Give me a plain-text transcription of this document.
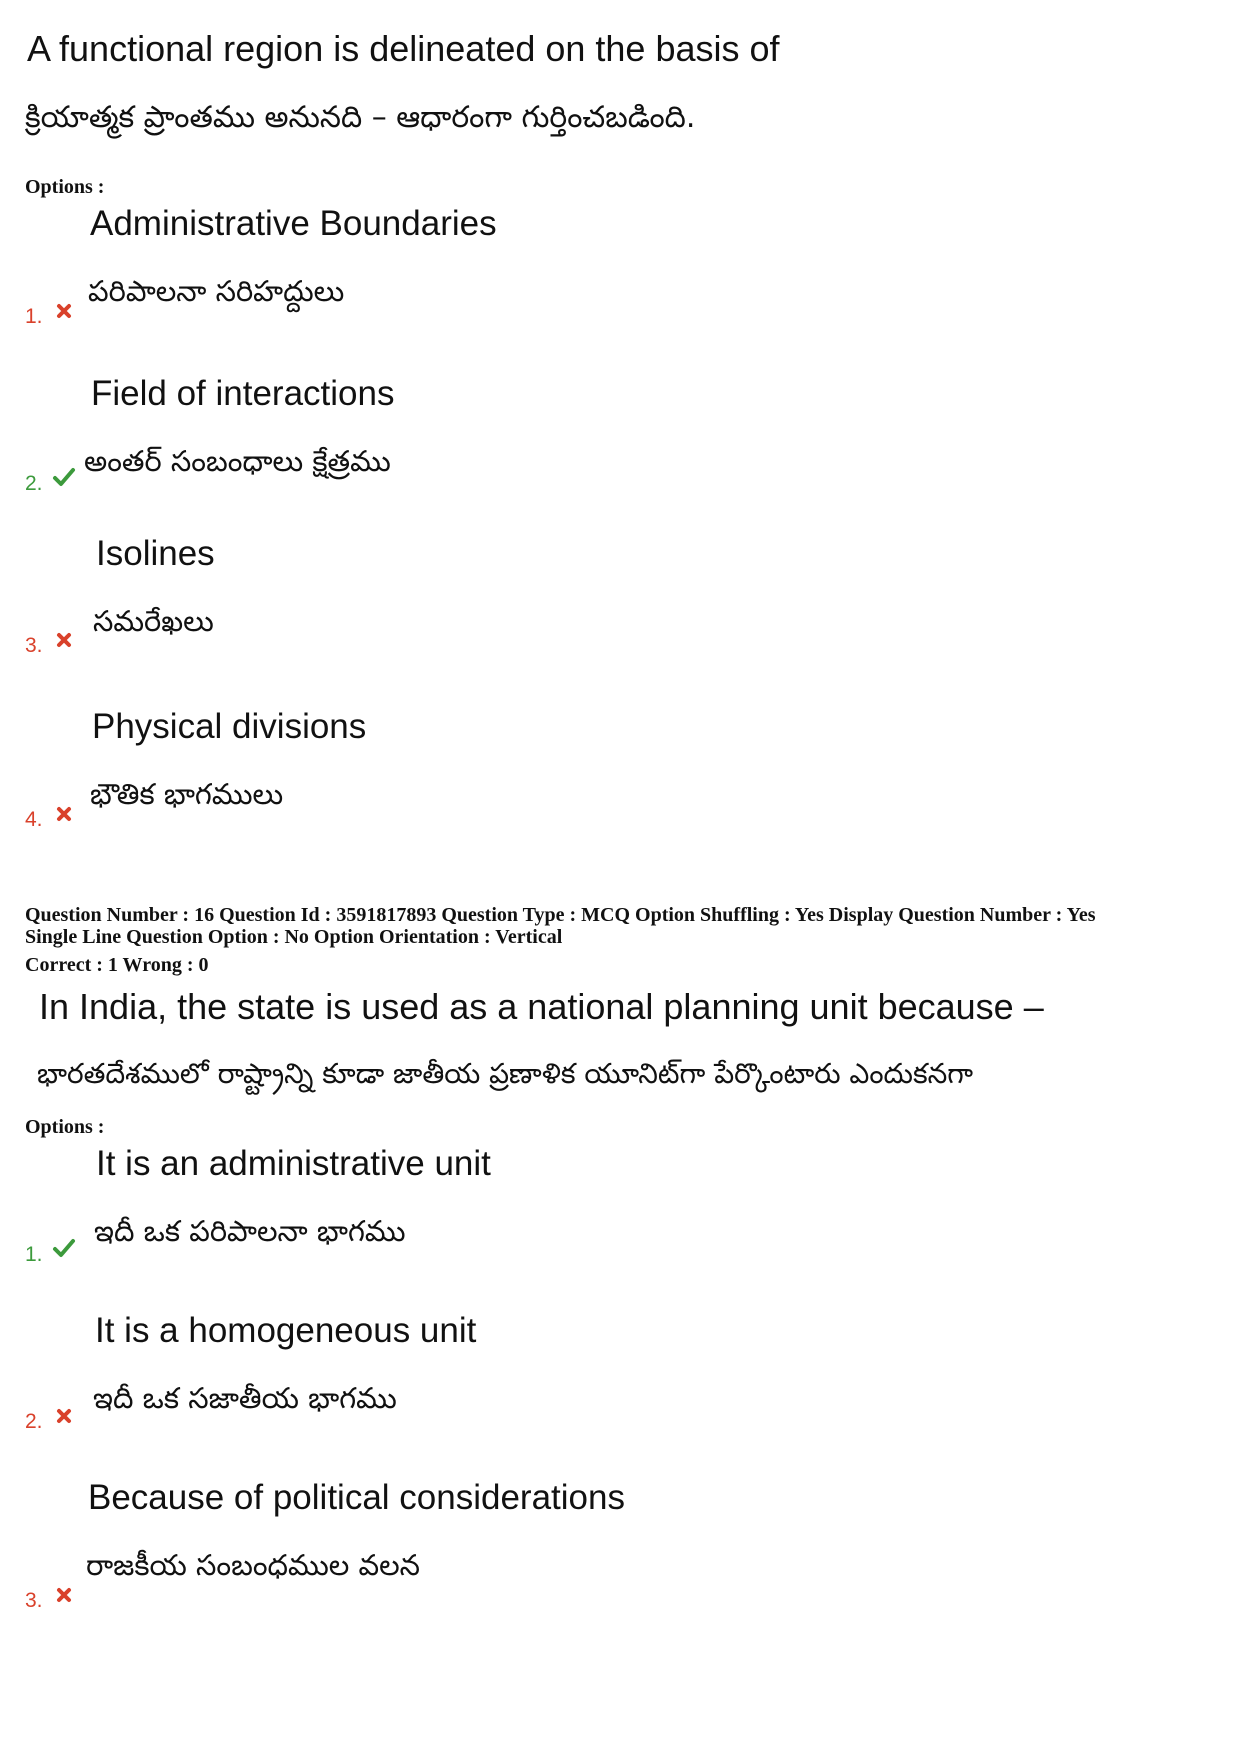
A functional region is delineated on the basis of
క్రియాత్మక ప్రాంతము అనునది – ఆధారంగా గుర్తించబడింది.
Options :
Administrative Boundaries
పరిపాలనా సరిహద్దులు
1.
Field of interactions
అంతర్ సంబంధాలు క్షేత్రము
2.
Isolines
సమరేఖలు
3.
Physical divisions
భౌతిక భాగములు
4.
Question Number : 16 Question Id : 3591817893 Question Type : MCQ Option Shuffling : Yes Display Question Number : Yes
Single Line Question Option : No Option Orientation : Vertical
Correct : 1 Wrong : 0
In India, the state is used as a national planning unit because –
భారతదేశములో రాష్ట్రాన్ని కూడా జాతీయ ప్రణాళిక యూనిట్‌గా పేర్కొంటారు ఎందుకనగా
Options :
It is an administrative unit
ఇదీ ఒక పరిపాలనా భాగము
1.
It is a homogeneous unit
ఇదీ ఒక సజాతీయ భాగము
2.
Because of political considerations
రాజకీయ సంబంధముల వలన
3.
